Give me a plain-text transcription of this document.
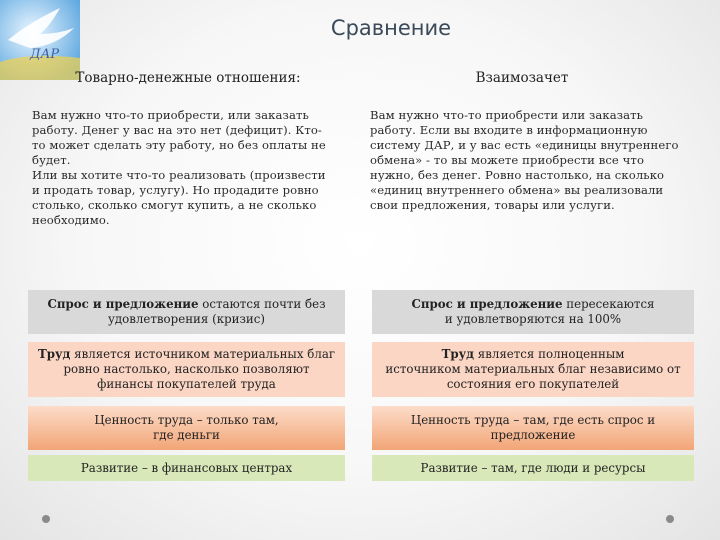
ДАР
Сравнение
Товарно-денежные отношения:	Взаимозачет

Вам нужно что-то приобрести, или заказать

работу. Денег у вас на это нет (дефицит). Кто-

то может сделать эту работу, но без оплаты не

будет.

Или вы хотите что-то реализовать (произвести

и продать товар, услугу). Но продадите ровно

столько, сколько смогут купить, а не сколько

необходимо.

Вам нужно что-то приобрести или заказать

работу. Если вы входите в информационную

систему ДАР, и у вас есть «единицы внутреннего

обмена» - то вы можете приобрести все что

нужно, без денег. Ровно настолько, на сколько

«единиц внутреннего обмена» вы реализовали

свои предложения, товары или услуги.

Спрос и предложение остаются почти без
удовлетворения (кризис)
Спрос и предложение пересекаются
и удовлетворяются на 100%
Труд является источником материальных благ
ровно настолько, насколько позволяют
финансы покупателей труда
Труд является полноценным
источником материальных благ независимо от
состояния его покупателей
Ценность труда – только там,
где деньги
Ценность труда – там, где есть спрос и
предложение
Развитие – в финансовых центрах	Развитие – там, где люди и ресурсы
